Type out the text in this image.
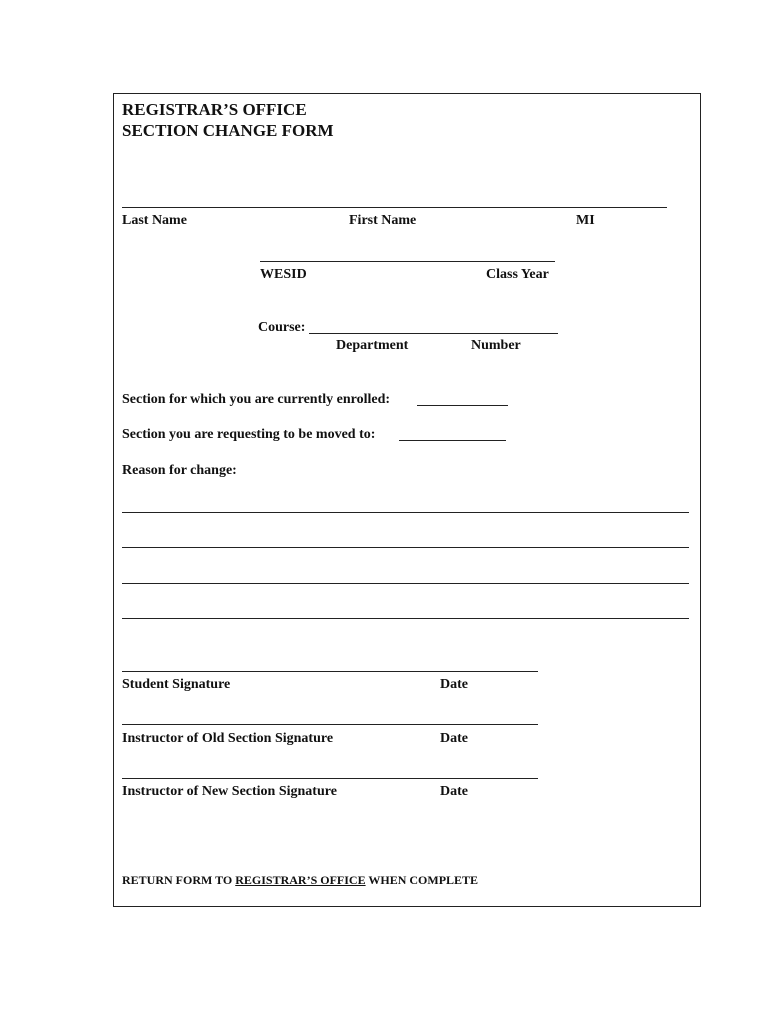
REGISTRAR’S OFFICE
SECTION CHANGE FORM
Last Name	First Name	MI
WESID	Class Year
Course:
Department	Number
Section for which you are currently enrolled:
Section you are requesting to be moved to:
Reason for change:
Student Signature	Date
Instructor of Old Section Signature	Date
Instructor of New Section Signature	Date
RETURN FORM TO REGISTRAR’S OFFICE WHEN COMPLETE
